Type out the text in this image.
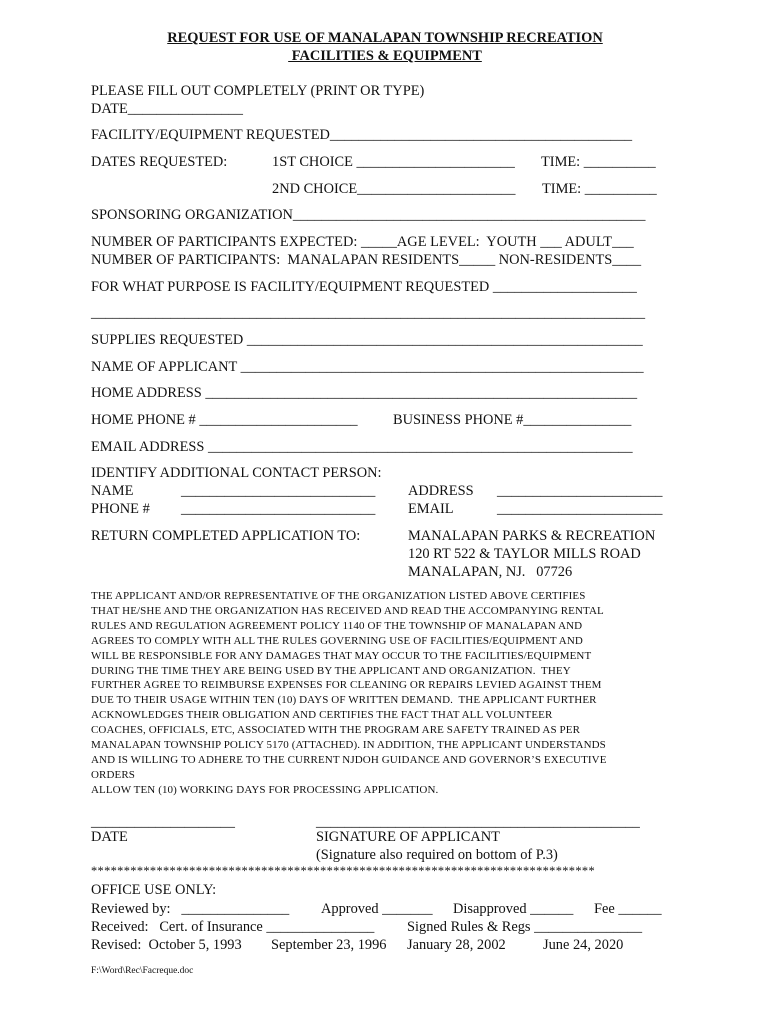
REQUEST FOR USE OF MANALAPAN TOWNSHIP RECREATION
FACILITIES & EQUIPMENT
PLEASE FILL OUT COMPLETELY (PRINT OR TYPE)
DATE________________
FACILITY/EQUIPMENT REQUESTED__________________________________________
DATES REQUESTED:	1ST CHOICE ______________________ TIME: __________
2ND CHOICE______________________ TIME: __________
SPONSORING ORGANIZATION_________________________________________________
NUMBER OF PARTICIPANTS EXPECTED: _____AGE LEVEL:  YOUTH ___ ADULT___
NUMBER OF PARTICIPANTS:  MANALAPAN RESIDENTS_____ NON-RESIDENTS____
FOR WHAT PURPOSE IS FACILITY/EQUIPMENT REQUESTED ____________________
_____________________________________________________________________________
SUPPLIES REQUESTED _______________________________________________________
NAME OF APPLICANT ________________________________________________________
HOME ADDRESS ____________________________________________________________
HOME PHONE # ______________________ BUSINESS PHONE #_______________
EMAIL ADDRESS ___________________________________________________________
IDENTIFY ADDITIONAL CONTACT PERSON:
NAME	___________________________ ADDRESS _______________________
PHONE # ___________________________ EMAIL	_______________________
RETURN COMPLETED APPLICATION TO:	MANALAPAN PARKS & RECREATION
120 RT 522 & TAYLOR MILLS ROAD
MANALAPAN, NJ.   07726
THE APPLICANT AND/OR REPRESENTATIVE OF THE ORGANIZATION LISTED ABOVE CERTIFIES
THAT HE/SHE AND THE ORGANIZATION HAS RECEIVED AND READ THE ACCOMPANYING RENTAL
RULES AND REGULATION AGREEMENT POLICY 1140 OF THE TOWNSHIP OF MANALAPAN AND
AGREES TO COMPLY WITH ALL THE RULES GOVERNING USE OF FACILITIES/EQUIPMENT AND
WILL BE RESPONSIBLE FOR ANY DAMAGES THAT MAY OCCUR TO THE FACILITIES/EQUIPMENT
DURING THE TIME THEY ARE BEING USED BY THE APPLICANT AND ORGANIZATION.  THEY
FURTHER AGREE TO REIMBURSE EXPENSES FOR CLEANING OR REPAIRS LEVIED AGAINST THEM
DUE TO THEIR USAGE WITHIN TEN (10) DAYS OF WRITTEN DEMAND.  THE APPLICANT FURTHER
ACKNOWLEDGES THEIR OBLIGATION AND CERTIFIES THE FACT THAT ALL VOLUNTEER
COACHES, OFFICIALS, ETC, ASSOCIATED WITH THE PROGRAM ARE SAFETY TRAINED AS PER
MANALAPAN TOWNSHIP POLICY 5170 (ATTACHED). IN ADDITION, THE APPLICANT UNDERSTANDS
AND IS WILLING TO ADHERE TO THE CURRENT NJDOH GUIDANCE AND GOVERNOR’S EXECUTIVE
ORDERS
ALLOW TEN (10) WORKING DAYS FOR PROCESSING APPLICATION.
____________________	_____________________________________________
DATE	SIGNATURE OF APPLICANT
(Signature also required on bottom of P.3)
*****************************************************************************
OFFICE USE ONLY:
Reviewed by:   _______________ Approved _______ Disapproved ______ Fee ______
Received:   Cert. of Insurance _______________ Signed Rules & Regs _______________
Revised:  October 5, 1993 September 23, 1996 January 28, 2002	June 24, 2020
F:\Word\Rec\Facreque.doc
